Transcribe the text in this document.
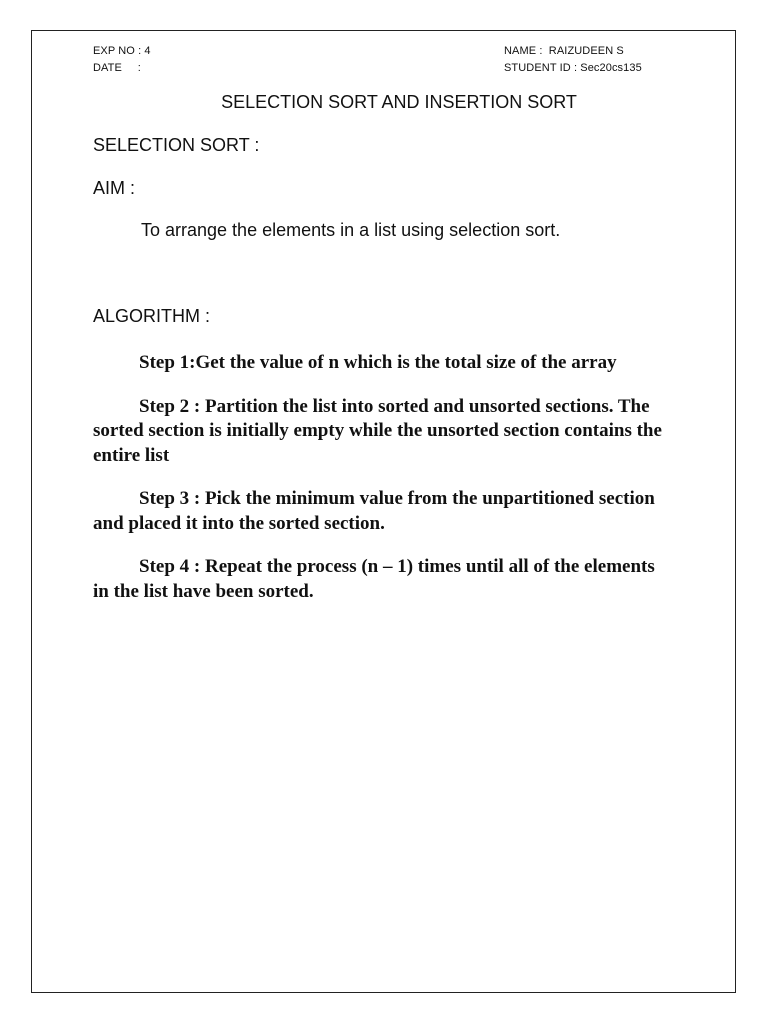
EXP NO : 4
DATE     :
NAME :  RAIZUDEEN S
STUDENT ID : Sec20cs135
SELECTION SORT AND INSERTION SORT
SELECTION SORT :
AIM :
To arrange the elements in a list using selection sort.
ALGORITHM :

Step 1:Get the value of n which is the total size of the array

Step 2 : Partition the list into sorted and unsorted sections. The sorted section is initially empty while the unsorted section contains the entire list

Step 3 : Pick the minimum value from the unpartitioned section and placed it into the sorted section.

Step 4 : Repeat the process (n – 1) times until all of the elements in the list have been sorted.
